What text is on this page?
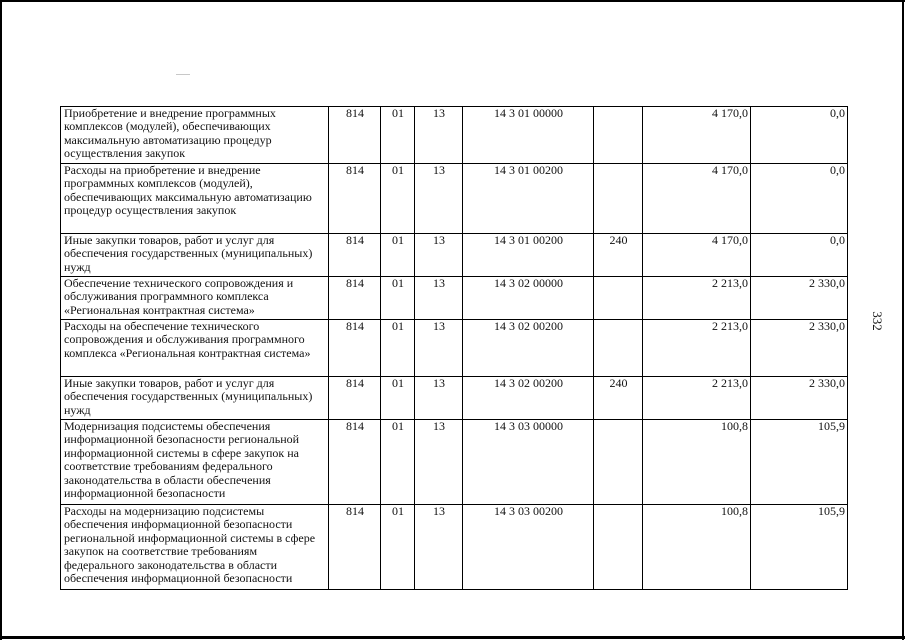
332
Приобретение и внедрение программных комплексов (модулей), обеспечивающих максимальную автоматизацию процедур осуществления закупок	814	01	13	14 3 01 00000		4 170,0	0,0
Расходы на приобретение и внедрение программных комплексов (модулей), обеспечивающих максимальную автоматизацию процедур осуществления закупок	814	01	13	14 3 01 00200		4 170,0	0,0
Иные закупки товаров, работ и услуг для обеспечения государственных (муниципальных) нужд	814	01	13	14 3 01 00200	240	4 170,0	0,0
Обеспечение технического сопровождения и обслуживания программного комплекса «Региональная контрактная система»	814	01	13	14 3 02 00000		2 213,0	2 330,0
Расходы на обеспечение технического сопровождения и обслуживания программного комплекса «Региональная контрактная система»	814	01	13	14 3 02 00200		2 213,0	2 330,0
Иные закупки товаров, работ и услуг для обеспечения государственных (муниципальных) нужд	814	01	13	14 3 02 00200	240	2 213,0	2 330,0
Модернизация подсистемы обеспечения информационной безопасности региональной информационной системы в сфере закупок на соответствие требованиям федерального законодательства в области обеспечения информационной безопасности	814	01	13	14 3 03 00000		100,8	105,9
Расходы на модернизацию подсистемы обеспечения информационной безопасности региональной информационной системы в сфере закупок на соответствие требованиям федерального законодательства в области обеспечения информационной безопасности	814	01	13	14 3 03 00200		100,8	105,9
